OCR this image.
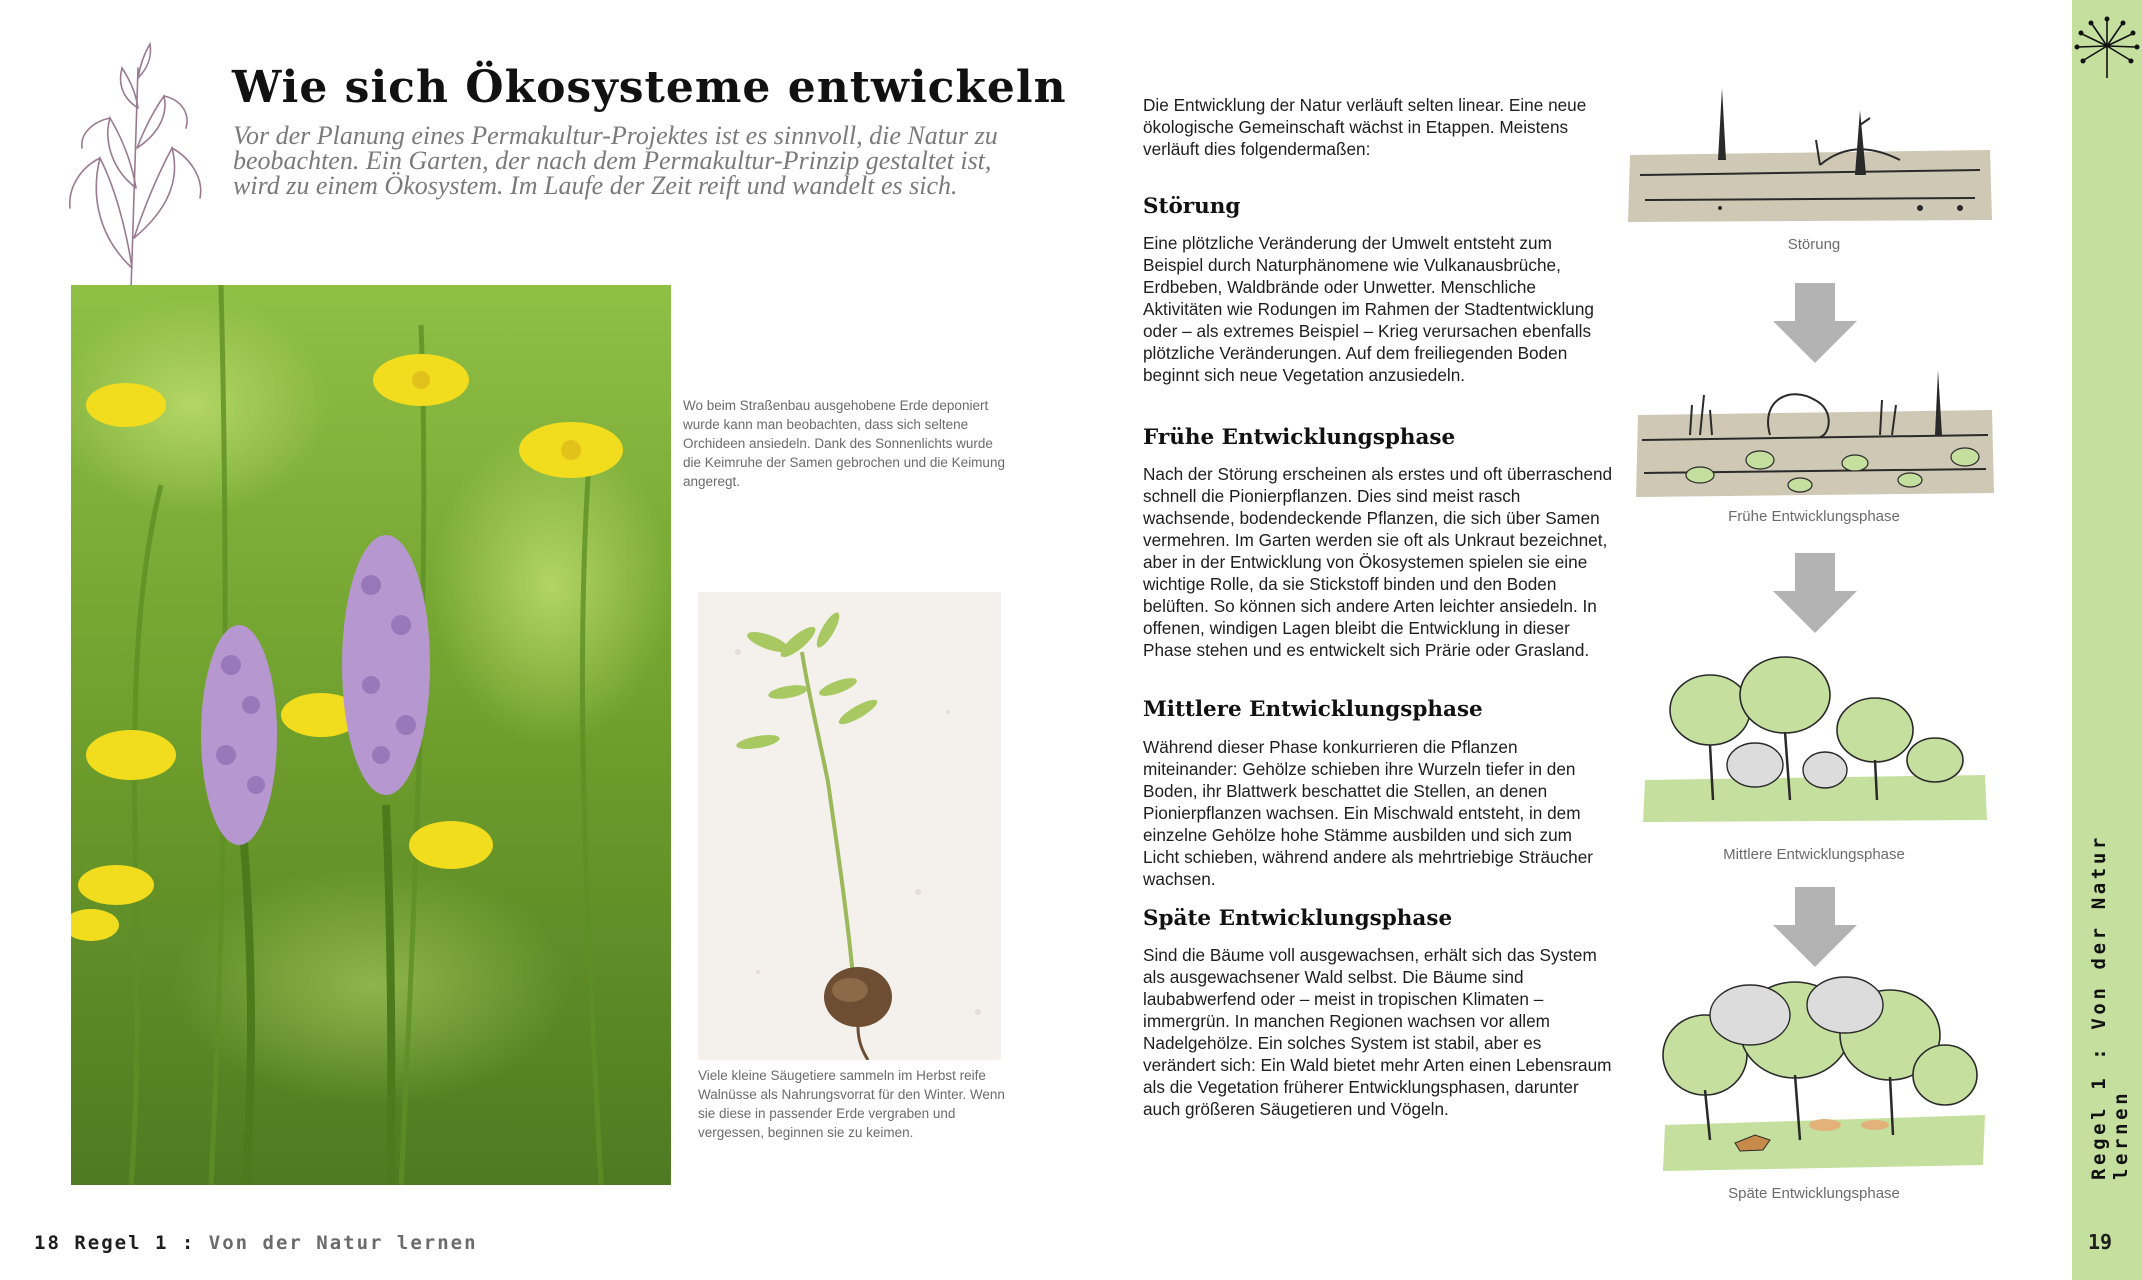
Wie sich Ökosysteme entwickeln

Vor der Planung eines Permakultur-Projektes ist es sinnvoll, die Natur zu beobachten. Ein Garten, der nach dem Permakultur-Prinzip gestaltet ist, wird zu einem Ökosystem. Im Laufe der Zeit reift und wandelt es sich.

Wo beim Straßenbau ausgehobene Erde deponiert wurde kann man beobachten, dass sich seltene Orchideen ansiedeln. Dank des Sonnenlichts wurde die Keimruhe der Samen gebrochen und die Keimung angeregt.

Viele kleine Säugetiere sammeln im Herbst reife Walnüsse als Nahrungsvorrat für den Winter. Wenn sie diese in passender Erde vergraben und vergessen, beginnen sie zu keimen.

18 Regel 1 : Von der Natur lernen

Die Entwicklung der Natur verläuft selten linear. Eine neue ökologische Gemeinschaft wächst in Etappen. Meistens verläuft dies folgendermaßen:

Störung

Eine plötzliche Veränderung der Umwelt entsteht zum Beispiel durch Naturphänomene wie Vulkanausbrüche, Erdbeben, Waldbrände oder Unwetter. Menschliche Aktivitäten wie Rodungen im Rahmen der Stadtentwicklung oder – als extremes Beispiel – Krieg verursachen ebenfalls plötzliche Veränderungen. Auf dem freiliegenden Boden beginnt sich neue Vegetation anzusiedeln.

Frühe Entwicklungsphase

Nach der Störung erscheinen als erstes und oft überraschend schnell die Pionierpflanzen. Dies sind meist rasch wachsende, bodendeckende Pflanzen, die sich über Samen vermehren. Im Garten werden sie oft als Unkraut bezeichnet, aber in der Entwicklung von Ökosystemen spielen sie eine wichtige Rolle, da sie Stickstoff binden und den Boden belüften. So können sich andere Arten leichter ansiedeln. In offenen, windigen Lagen bleibt die Entwicklung in dieser Phase stehen und es entwickelt sich Prärie oder Grasland.

Mittlere Entwicklungsphase

Während dieser Phase konkurrieren die Pflanzen miteinander: Gehölze schieben ihre Wurzeln tiefer in den Boden, ihr Blattwerk beschattet die Stellen, an denen Pionierpflanzen wachsen. Ein Mischwald entsteht, in dem einzelne Gehölze hohe Stämme ausbilden und sich zum Licht schieben, während andere als mehrtriebige Sträucher wachsen.

Späte Entwicklungsphase

Sind die Bäume voll ausgewachsen, erhält sich das System als ausgewachsener Wald selbst. Die Bäume sind laubabwerfend oder – meist in tropischen Klimaten – immergrün. In manchen Regionen wachsen vor allem Nadelgehölze. Ein solches System ist stabil, aber es verändert sich: Ein Wald bietet mehr Arten einen Lebensraum als die Vegetation früherer Entwicklungsphasen, darunter auch größeren Säugetieren und Vögeln.

Störung
Frühe Entwicklungsphase
Mittlere Entwicklungsphase
Späte Entwicklungsphase
Regel 1 : Von der Natur lernen
19
